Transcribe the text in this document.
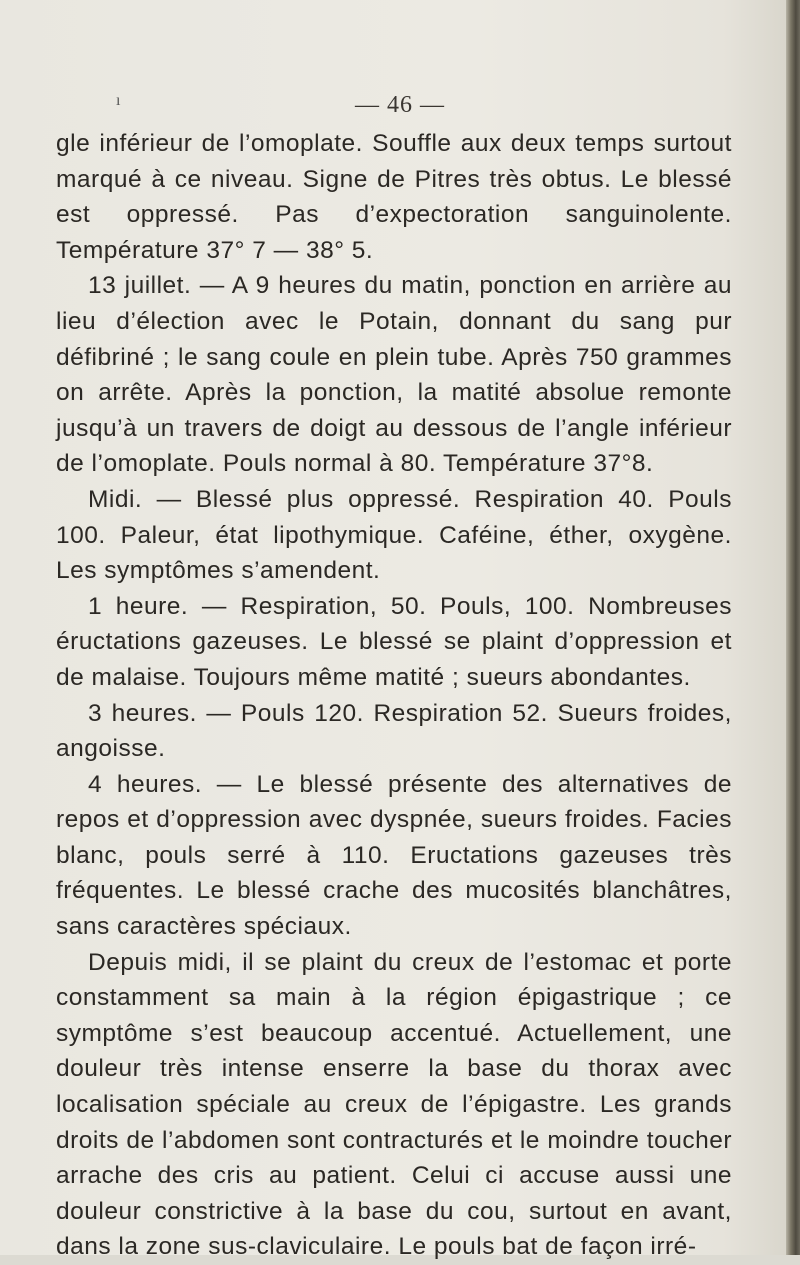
ı	— 46 —

gle inférieur de l’omoplate. Souffle aux deux temps surtout marqué à ce niveau. Signe de Pitres très obtus. Le blessé est oppressé. Pas d’expectoration sanguinolente. Température 37° 7 — 38° 5.

13 juillet. — A 9 heures du matin, ponction en arrière au lieu d’élection avec le Potain, donnant du sang pur défibriné ; le sang coule en plein tube. Après 750 grammes on arrête. Après la ponction, la matité absolue remonte jusqu’à un travers de doigt au dessous de l’angle inférieur de l’omoplate. Pouls normal à 80. Température 37°8.

Midi. — Blessé plus oppressé. Respiration 40. Pouls 100. Paleur, état lipothymique. Caféine, éther, oxygène. Les symptômes s’amendent.

1 heure. — Respiration, 50. Pouls, 100. Nombreuses éructations gazeuses. Le blessé se plaint d’oppression et de malaise. Toujours même matité ; sueurs abondantes.

3 heures. — Pouls 120. Respiration 52. Sueurs froides, angoisse.

4 heures. — Le blessé présente des alternatives de repos et d’oppression avec dyspnée, sueurs froides. Facies blanc, pouls serré à 110. Eructations gazeuses très fréquentes. Le blessé crache des mucosités blanchâtres, sans caractères spéciaux.

Depuis midi, il se plaint du creux de l’estomac et porte constamment sa main à la région épigastrique ; ce symptôme s’est beaucoup accentué. Actuellement, une douleur très intense enserre la base du thorax avec localisation spéciale au creux de l’épigastre. Les grands droits de l’abdomen sont contracturés et le moindre toucher arrache des cris au patient. Celui ci accuse aussi une douleur constrictive à la base du cou, surtout en avant, dans la zone sus-claviculaire. Le pouls bat de façon irré-
